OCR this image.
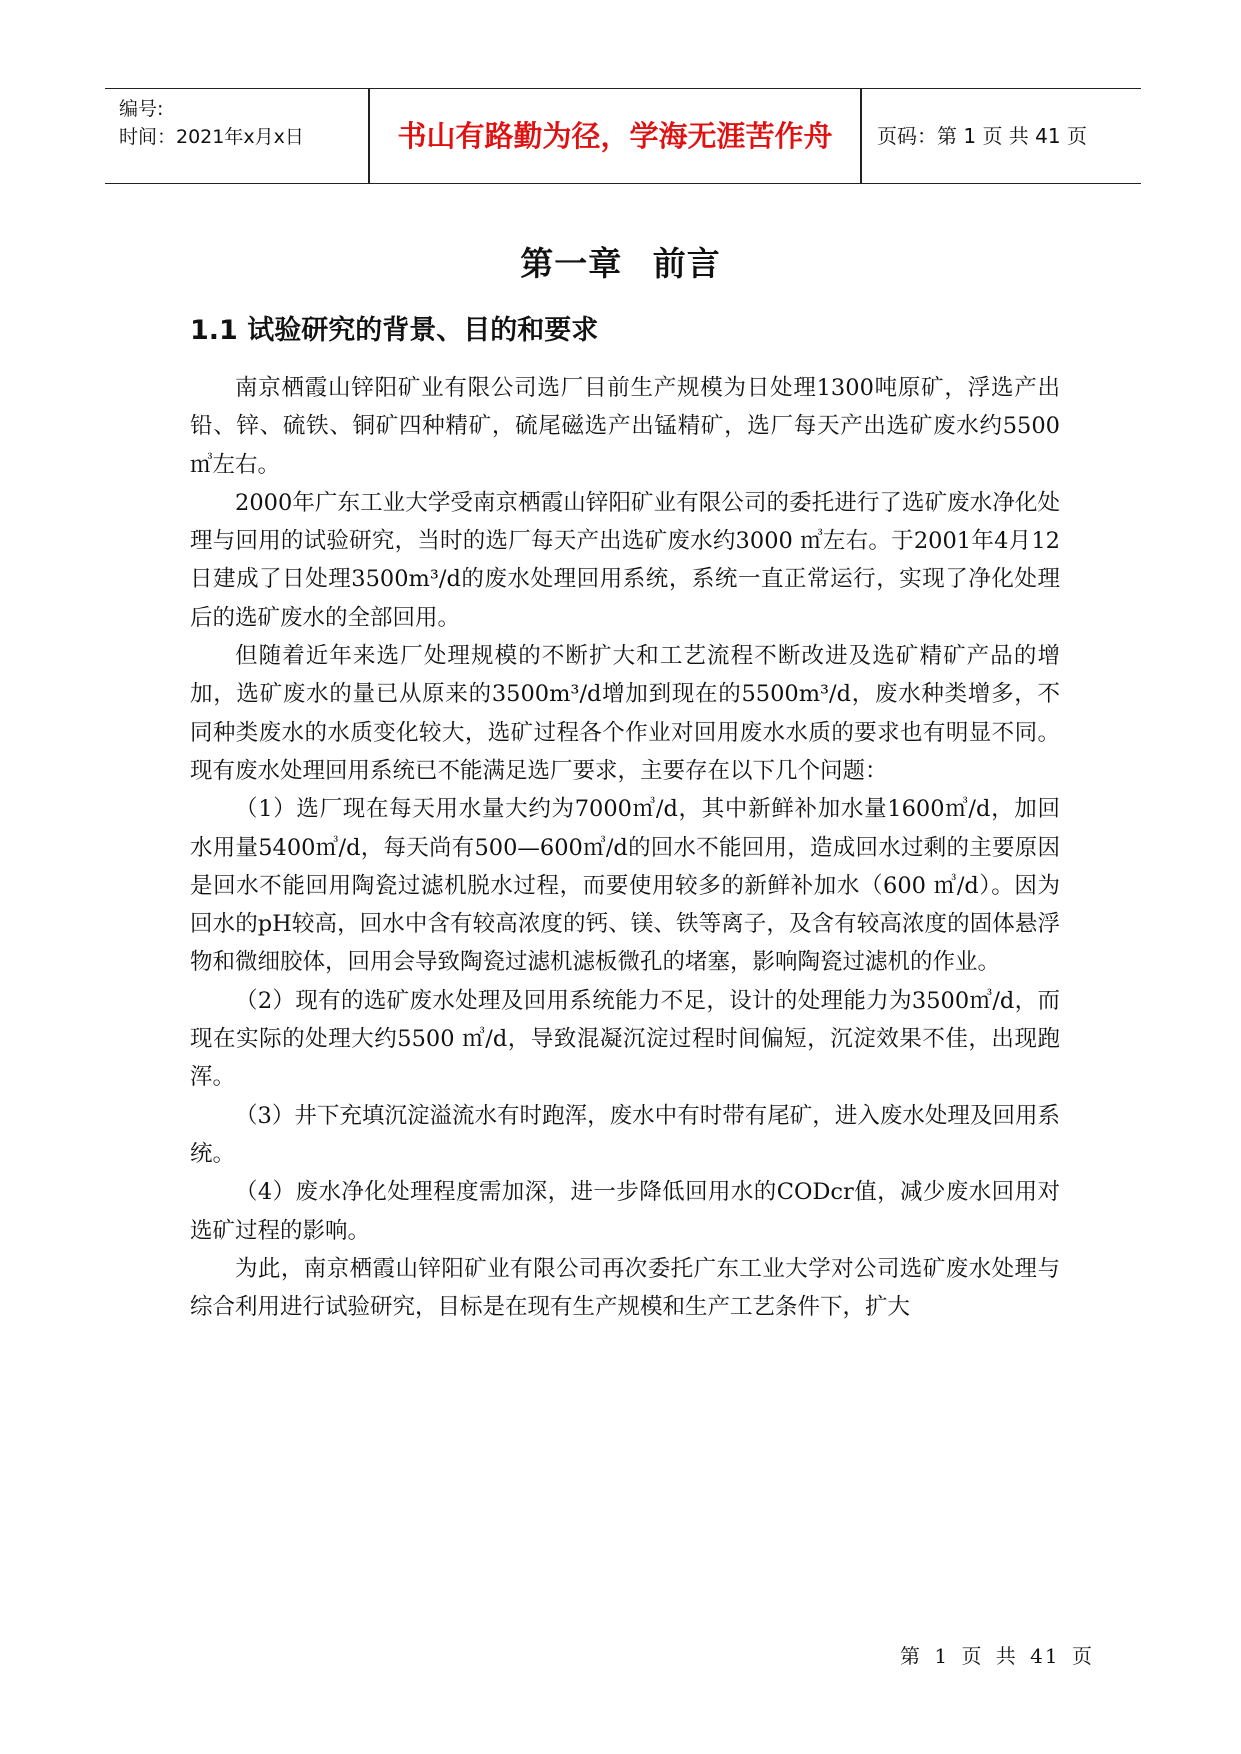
编号:
时间：2021年x月x日	书山有路勤为径，学海无涯苦作舟	页码：第 1 页 共 41 页
第一章 前言
1.1 试验研究的背景、目的和要求

南京栖霞山锌阳矿业有限公司选厂目前生产规模为日处理1300吨原矿，浮选产出铅、锌、硫铁、铜矿四种精矿，硫尾磁选产出锰精矿，选厂每天产出选矿废水约5500 ㎥左右。

2000年广东工业大学受南京栖霞山锌阳矿业有限公司的委托进行了选矿废水净化处理与回用的试验研究，当时的选厂每天产出选矿废水约3000 ㎥左右。于2001年4月12日建成了日处理3500m³/d的废水处理回用系统，系统一直正常运行，实现了净化处理后的选矿废水的全部回用。

但随着近年来选厂处理规模的不断扩大和工艺流程不断改进及选矿精矿产品的增加，选矿废水的量已从原来的3500m³/d增加到现在的5500m³/d，废水种类增多，不同种类废水的水质变化较大，选矿过程各个作业对回用废水水质的要求也有明显不同。现有废水处理回用系统已不能满足选厂要求，主要存在以下几个问题：

（1）选厂现在每天用水量大约为7000㎥/d，其中新鲜补加水量1600㎥/d，加回水用量5400㎥/d，每天尚有500—600㎥/d的回水不能回用，造成回水过剩的主要原因是回水不能回用陶瓷过滤机脱水过程，而要使用较多的新鲜补加水（600 ㎥/d）。因为回水的pH较高，回水中含有较高浓度的钙、镁、铁等离子，及含有较高浓度的固体悬浮物和微细胶体，回用会导致陶瓷过滤机滤板微孔的堵塞，影响陶瓷过滤机的作业。

（2）现有的选矿废水处理及回用系统能力不足，设计的处理能力为3500㎥/d，而现在实际的处理大约5500 ㎥/d，导致混凝沉淀过程时间偏短，沉淀效果不佳，出现跑浑。

（3）井下充填沉淀溢流水有时跑浑，废水中有时带有尾矿，进入废水处理及回用系统。

（4）废水净化处理程度需加深，进一步降低回用水的CODcr值，减少废水回用对选矿过程的影响。

为此，南京栖霞山锌阳矿业有限公司再次委托广东工业大学对公司选矿废水处理与综合利用进行试验研究，目标是在现有生产规模和生产工艺条件下，扩大

第 1 页 共 41 页
